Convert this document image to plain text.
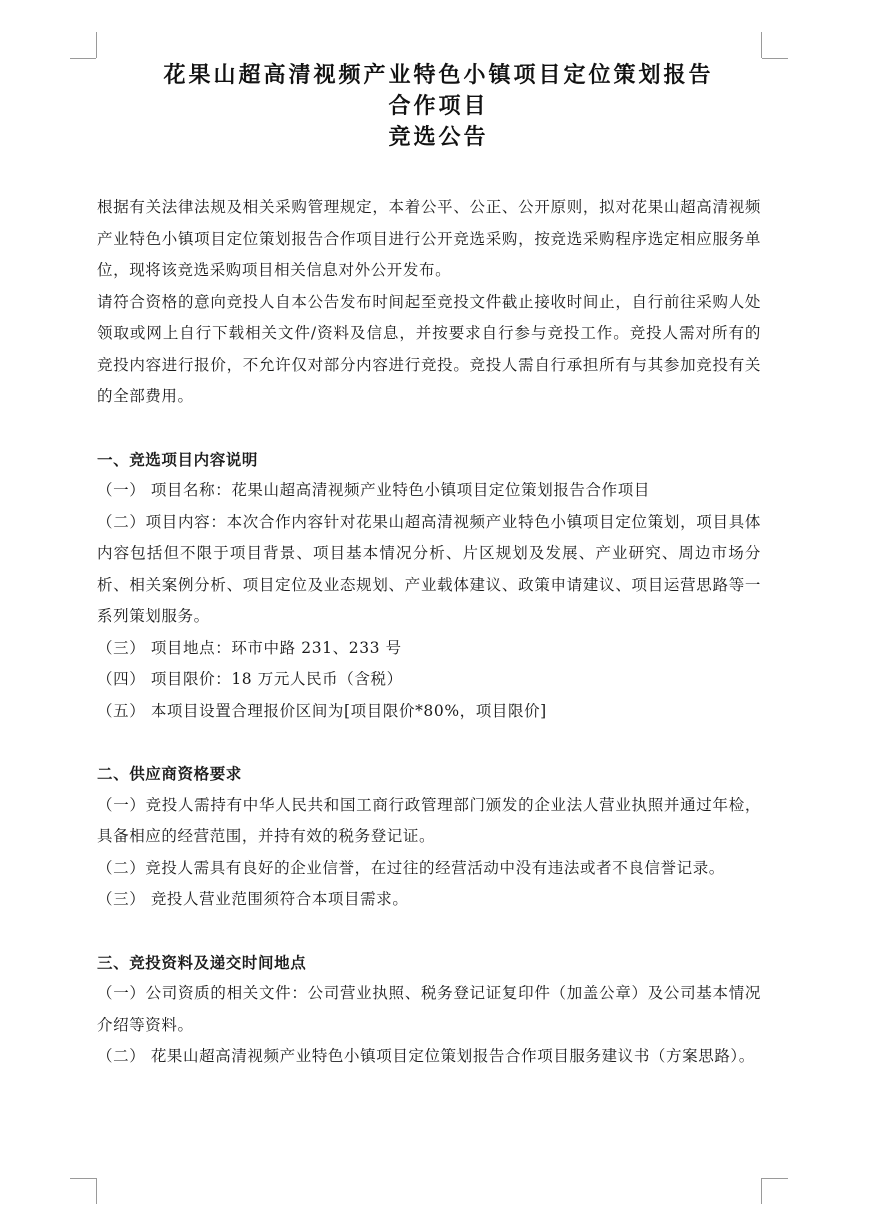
花果山超高清视频产业特色小镇项目定位策划报告
合作项目
竞选公告

根据有关法律法规及相关采购管理规定，本着公平、公正、公开原则，拟对花果山超高清视频产业特色小镇项目定位策划报告合作项目进行公开竞选采购，按竞选采购程序选定相应服务单位，现将该竞选采购项目相关信息对外公开发布。

请符合资格的意向竞投人自本公告发布时间起至竞投文件截止接收时间止，自行前往采购人处领取或网上自行下载相关文件/资料及信息，并按要求自行参与竞投工作。竞投人需对所有的竞投内容进行报价，不允许仅对部分内容进行竞投。竞投人需自行承担所有与其参加竞投有关的全部费用。

一、竞选项目内容说明

（一） 项目名称：花果山超高清视频产业特色小镇项目定位策划报告合作项目

（二）项目内容：本次合作内容针对花果山超高清视频产业特色小镇项目定位策划，项目具体内容包括但不限于项目背景、项目基本情况分析、片区规划及发展、产业研究、周边市场分析、相关案例分析、项目定位及业态规划、产业载体建议、政策申请建议、项目运营思路等一系列策划服务。

（三） 项目地点：环市中路 231、233 号

（四） 项目限价：18 万元人民币（含税）

（五） 本项目设置合理报价区间为[项目限价*80%，项目限价]

二、供应商资格要求

（一）竞投人需持有中华人民共和国工商行政管理部门颁发的企业法人营业执照并通过年检，具备相应的经营范围，并持有效的税务登记证。

（二）竞投人需具有良好的企业信誉，在过往的经营活动中没有违法或者不良信誉记录。

（三） 竞投人营业范围须符合本项目需求。

三、竞投资料及递交时间地点

（一）公司资质的相关文件：公司营业执照、税务登记证复印件（加盖公章）及公司基本情况介绍等资料。

（二） 花果山超高清视频产业特色小镇项目定位策划报告合作项目服务建议书（方案思路）。
